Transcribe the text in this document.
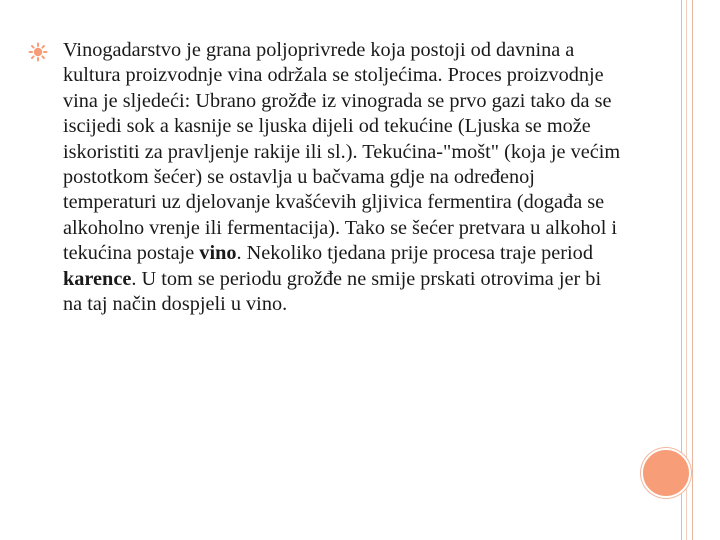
Vinogadarstvo je grana poljoprivrede koja postoji od davnina a kultura proizvodnje vina održala se stoljećima. Proces proizvodnje vina je sljedeći: Ubrano grožđe iz vinograda se prvo gazi tako da se iscijedi sok a kasnije se ljuska dijeli od tekućine (Ljuska se može iskoristiti za pravljenje rakije ili sl.). Tekućina-"mošt" (koja je većim postotkom šećer) se ostavlja u bačvama gdje na određenoj temperaturi uz djelovanje kvašćevih gljivica fermentira (događa se alkoholno vrenje ili fermentacija). Tako se šećer pretvara u alkohol i tekućina postaje vino. Nekoliko tjedana prije procesa traje period karence. U tom se periodu grožđe ne smije prskati otrovima jer bi na taj način dospjeli u vino.
